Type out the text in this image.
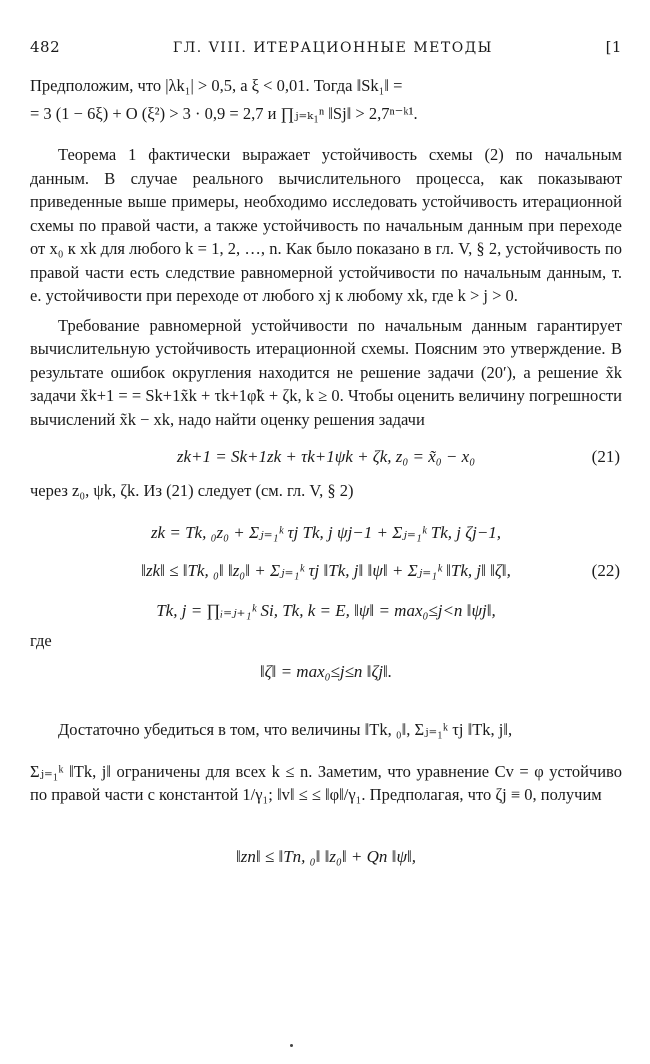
482	ГЛ. VIII. ИТЕРАЦИОННЫЕ МЕТОДЫ	[1

Предположим, что |λk₁| > 0,5, а ξ < 0,01. Тогда ‖Sk₁‖ =

= 3 (1 − 6ξ) + O (ξ²) > 3 · 0,9 = 2,7 и ∏ⱼ₌ₖ₁ⁿ ‖Sj‖ > 2,7ⁿ⁻ᵏ¹.

Теорема 1 фактически выражает устойчивость схемы (2) по начальным данным. В случае реального вычислительного процесса, как показывают приведенные выше примеры, необходимо исследовать устойчивость итерационной схемы по правой части, а также устойчивость по начальным данным при переходе от x₀ к xk для любого k = 1, 2, …, n. Как было показано в гл. V, § 2, устойчивость по правой части есть следствие равномерной устойчивости по начальным данным, т. е. устойчивости при переходе от любого xj к любому xk, где k > j > 0.

Требование равномерной устойчивости по начальным данным гарантирует вычислительную устойчивость итерационной схемы. Поясним это утверждение. В результате ошибок округления находится не решение задачи (20′), а решение x̃k задачи x̃k+1 = = Sk+1x̃k + τk+1φ̃k + ζk, k ≥ 0. Чтобы оценить величину погрешности вычислений x̃k − xk, надо найти оценку решения задачи

zk+1 = Sk+1zk + τk+1ψk + ζk, z₀ = x̃₀ − x₀	(21)

через z₀, ψk, ζk. Из (21) следует (см. гл. V, § 2)

zk = Tk, ₀z₀ + Σⱼ₌₁ᵏ τj Tk, j ψj−1 + Σⱼ₌₁ᵏ Tk, j ζj−1,
‖zk‖ ≤ ‖Tk, ₀‖ ‖z₀‖ + Σⱼ₌₁ᵏ τj ‖Tk, j‖ ‖ψ‖ + Σⱼ₌₁ᵏ ‖Tk, j‖ ‖ζ‖,	(22)
Tk, j = ∏ᵢ₌ⱼ₊₁ᵏ Si, Tk, k = E, ‖ψ‖ = max₀≤j<n ‖ψj‖,

где

‖ζ‖ = max₀≤j≤n ‖ζj‖.

Достаточно убедиться в том, что величины ‖Tk, ₀‖, Σⱼ₌₁ᵏ τj ‖Tk, j‖,

Σⱼ₌₁ᵏ ‖Tk, j‖ ограничены для всех k ≤ n. Заметим, что уравнение Cv = φ устойчиво по правой части с константой 1/γ₁; ‖v‖ ≤ ≤ ‖φ‖/γ₁. Предполагая, что ζj ≡ 0, получим

‖zn‖ ≤ ‖Tn, ₀‖ ‖z₀‖ + Qn ‖ψ‖,
